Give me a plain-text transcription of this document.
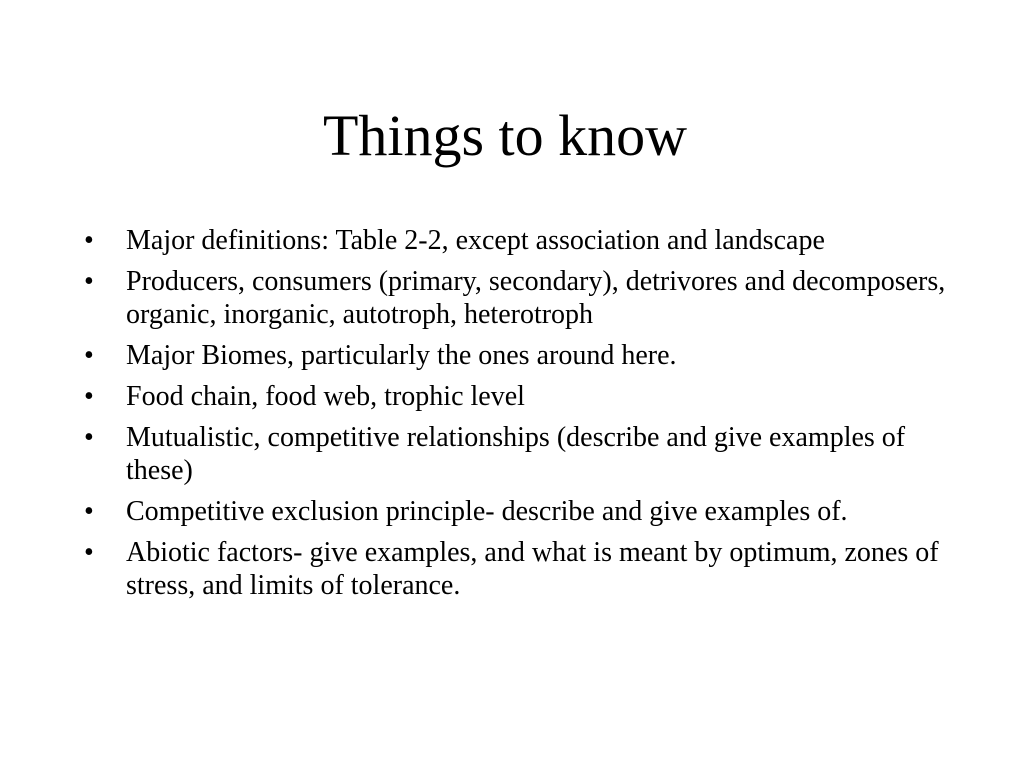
Things to know
•	Major definitions: Table 2-2, except association and landscape
•	Producers, consumers (primary, secondary), detrivores and decomposers, organic, inorganic, autotroph, heterotroph
•	Major Biomes, particularly the ones around here.
•	Food chain, food web, trophic level
•	Mutualistic, competitive relationships (describe and give examples of these)
•	Competitive exclusion principle- describe and give examples of.
•	Abiotic factors- give examples, and what is meant by optimum, zones of stress, and limits of tolerance.
